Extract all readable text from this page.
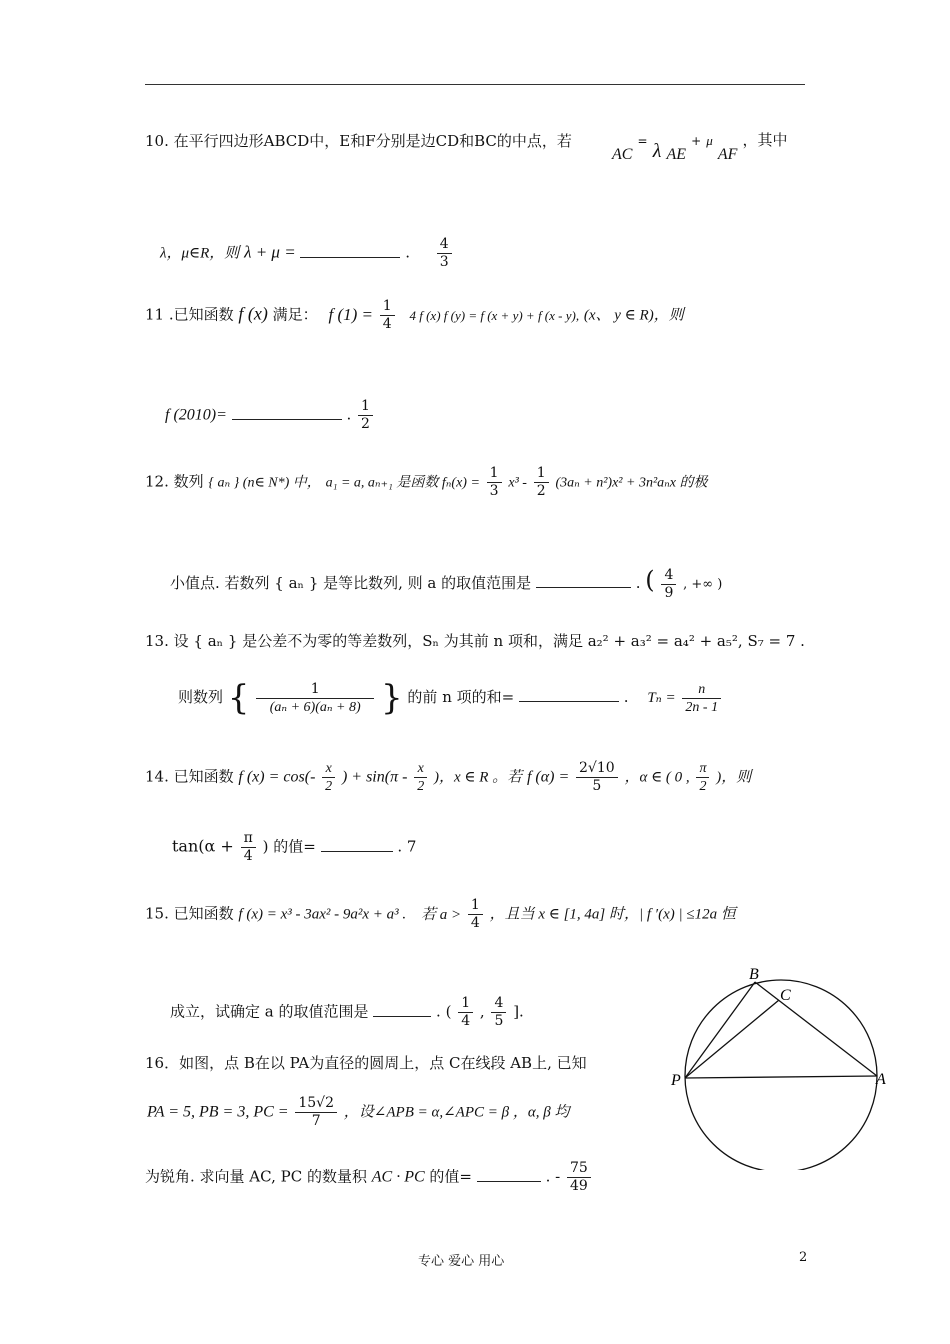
10. 在平行四边形ABCD中，E和F分别是边CD和BC的中点，若
AC = λ AE + μ AF ，其中
λ，μ∈R，则 λ + μ =	. $\frac{4}{3}$
11 .已知函数 f (x) 满足： f $(1) = \frac{1}{4} 4$ f (x) f (y) = f (x + y) + f (x - y), (x、 y ∈ R)，则
f (2010)=	. $\frac{1}{2}$
12. 数列 { aₙ } (n∈ N*) 中， a₁ = a, aₙ₊₁ 是函数 $f_n(x) = \frac{1}{3} x^3 - \frac{1}{2} (3a_n + n^2)x^2 + 3n^2a_nx$ 的极
小值点. 若数列 { aₙ } 是等比数列, 则 a 的取值范围是	. ( $\frac{4}{9}$ , +∞ )
13. 设 { aₙ } 是公差不为零的等差数列，Sₙ 为其前 n 项和，满足 a₂² + a₃² = a₄² + a₅², S₇ = 7 .
则数列 { $\frac{1}{\text{(aₙ + 6)(aₙ + 8)}}$ } 的前 n 项的和=	. $T_n = \frac{n}{2n - 1}$
14. 已知函数 f $(x) = \cos(- \frac{x}{2}$ ) + $\sin(\pi - \frac{x}{2}$ )，x ∈ R 。若 f $(\alpha) = \frac{2√10}{5}$ ，α ∈ ( 0 , $\frac{\pi}{2}$ )，则
$\tan(\alpha + \frac{\pi}{4}$ ) 的值=	. 7
15. 已知函数 f (x) = x³ - 3ax² - 9a²x + a³ . 若 $a > \frac{1}{4}$ ，且当 x ∈ [1, 4a] 时，| f ′(x) | ≤12a 恒
成立，试确定 a 的取值范围是	. ( $\frac{1}{4}$ , $\frac{4}{5}$ ].
16．如图，点 B在以 PA为直径的圆周上，点 C在线段 AB上, 已知
PA = 5, PB = 3, PC = $\frac{15√2}{7}$ ，设∠APB = α,∠APC = β ，α, β 均
为锐角. 求向量 AC, PC 的数量积 AC · PC 的值=	. - $\frac{75}{49}$
B
C
P	A
专心 爱心 用心	2
